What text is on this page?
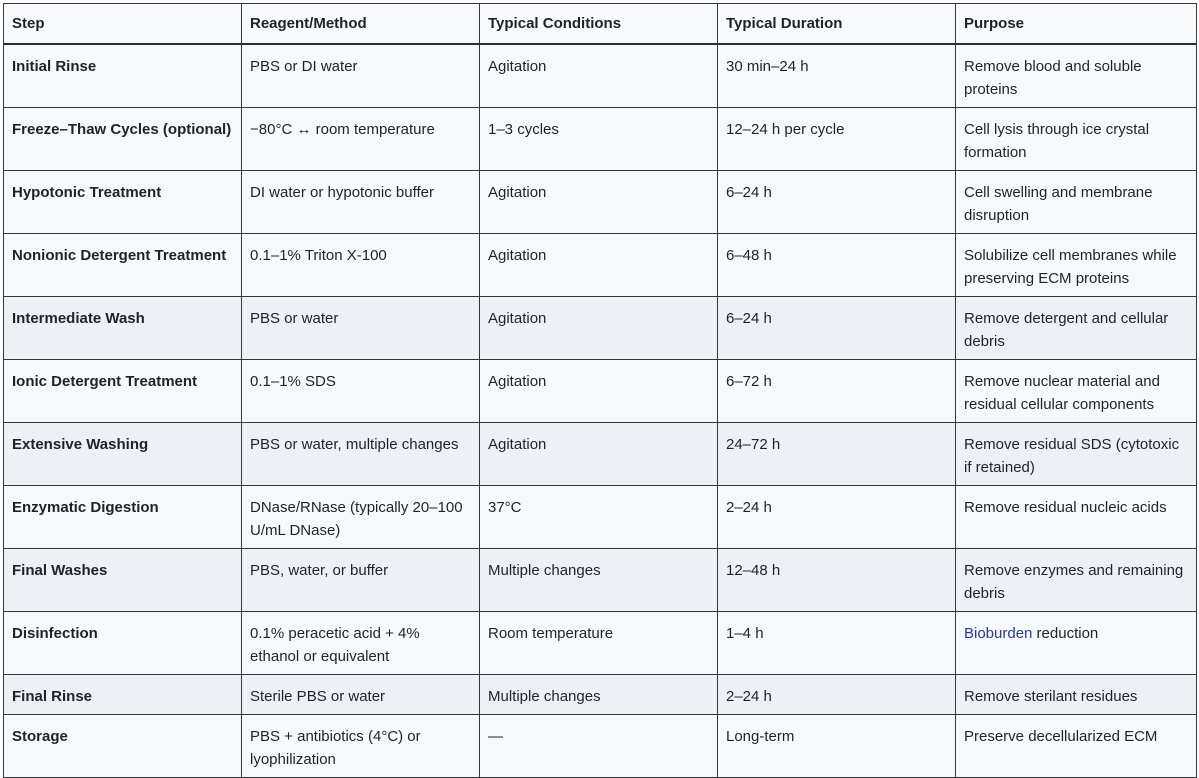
Step	Reagent/Method	Typical Conditions	Typical Duration	Purpose
Initial Rinse	PBS or DI water	Agitation	30 min–24 h	Remove blood and soluble proteins
Freeze–Thaw Cycles (optional)	−80°C ↔ room temperature	1–3 cycles	12–24 h per cycle	Cell lysis through ice crystal formation
Hypotonic Treatment	DI water or hypotonic buffer	Agitation	6–24 h	Cell swelling and membrane disruption
Nonionic Detergent Treatment	0.1–1% Triton X-100	Agitation	6–48 h	Solubilize cell membranes while preserving ECM proteins
Intermediate Wash	PBS or water	Agitation	6–24 h	Remove detergent and cellular debris
Ionic Detergent Treatment	0.1–1% SDS	Agitation	6–72 h	Remove nuclear material and residual cellular components
Extensive Washing	PBS or water, multiple changes	Agitation	24–72 h	Remove residual SDS (cytotoxic if retained)
Enzymatic Digestion	DNase/RNase (typically 20–100 U/mL DNase)	37°C	2–24 h	Remove residual nucleic acids
Final Washes	PBS, water, or buffer	Multiple changes	12–48 h	Remove enzymes and remaining debris
Disinfection	0.1% peracetic acid + 4% ethanol or equivalent	Room temperature	1–4 h	Bioburden reduction
Final Rinse	Sterile PBS or water	Multiple changes	2–24 h	Remove sterilant residues
Storage	PBS + antibiotics (4°C) or lyophilization	—	Long-term	Preserve decellularized ECM
